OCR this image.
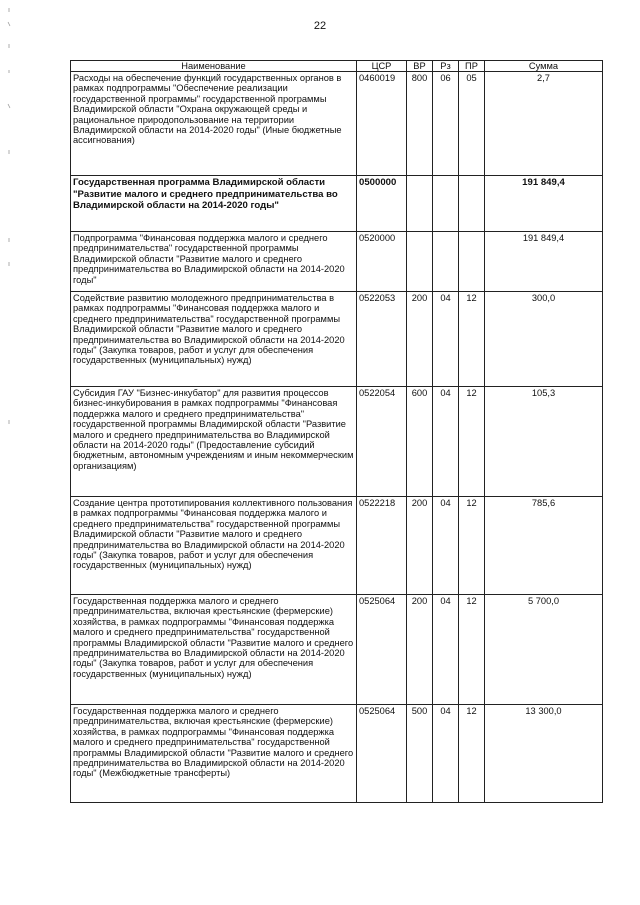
22
Наименование	ЦСР	ВР	Рз	ПР	Сумма
Расходы на обеспечение функций государственных органов в рамках подпрограммы "Обеспечение реализации государственной программы" государственной программы Владимирской области "Охрана окружающей среды и рациональное природопользование на территории Владимирской области на 2014-2020 годы" (Иные бюджетные ассигнования)	0460019	800	06	05	2,7
Государственная программа Владимирской области "Развитие малого и среднего предпринимательства во Владимирской области на 2014-2020 годы"	0500000				191 849,4
Подпрограмма "Финансовая поддержка малого и среднего предпринимательства" государственной программы Владимирской области "Развитие малого и среднего предпринимательства во Владимирской области на 2014-2020 годы"	0520000				191 849,4
Содействие развитию молодежного предпринимательства в рамках подпрограммы "Финансовая поддержка малого и среднего предпринимательства" государственной программы Владимирской области "Развитие малого и среднего предпринимательства во Владимирской области на 2014-2020 годы" (Закупка товаров, работ и услуг для обеспечения государственных (муниципальных) нужд)	0522053	200	04	12	300,0
Субсидия ГАУ "Бизнес-инкубатор" для развития процессов бизнес-инкубирования в рамках подпрограммы "Финансовая поддержка малого и среднего предпринимательства" государственной программы Владимирской области "Развитие малого и среднего предпринимательства во Владимирской области на 2014-2020 годы" (Предоставление субсидий бюджетным, автономным учреждениям и иным некоммерческим организациям)	0522054	600	04	12	105,3
Создание центра прототипирования коллективного пользования в рамках подпрограммы "Финансовая поддержка малого и среднего предпринимательства" государственной программы Владимирской области "Развитие малого и среднего предпринимательства во Владимирской области на 2014-2020 годы" (Закупка товаров, работ и услуг для обеспечения государственных (муниципальных) нужд)	0522218	200	04	12	785,6
Государственная поддержка малого и среднего предпринимательства, включая крестьянские (фермерские) хозяйства, в рамках подпрограммы "Финансовая поддержка малого и среднего предпринимательства" государственной программы Владимирской области "Развитие малого и среднего предпринимательства во Владимирской области на 2014-2020 годы" (Закупка товаров, работ и услуг для обеспечения государственных (муниципальных) нужд)	0525064	200	04	12	5 700,0
Государственная поддержка малого и среднего предпринимательства, включая крестьянские (фермерские) хозяйства, в рамках подпрограммы "Финансовая поддержка малого и среднего предпринимательства" государственной программы Владимирской области "Развитие малого и среднего предпринимательства во Владимирской области на 2014-2020 годы" (Межбюджетные трансферты)	0525064	500	04	12	13 300,0
